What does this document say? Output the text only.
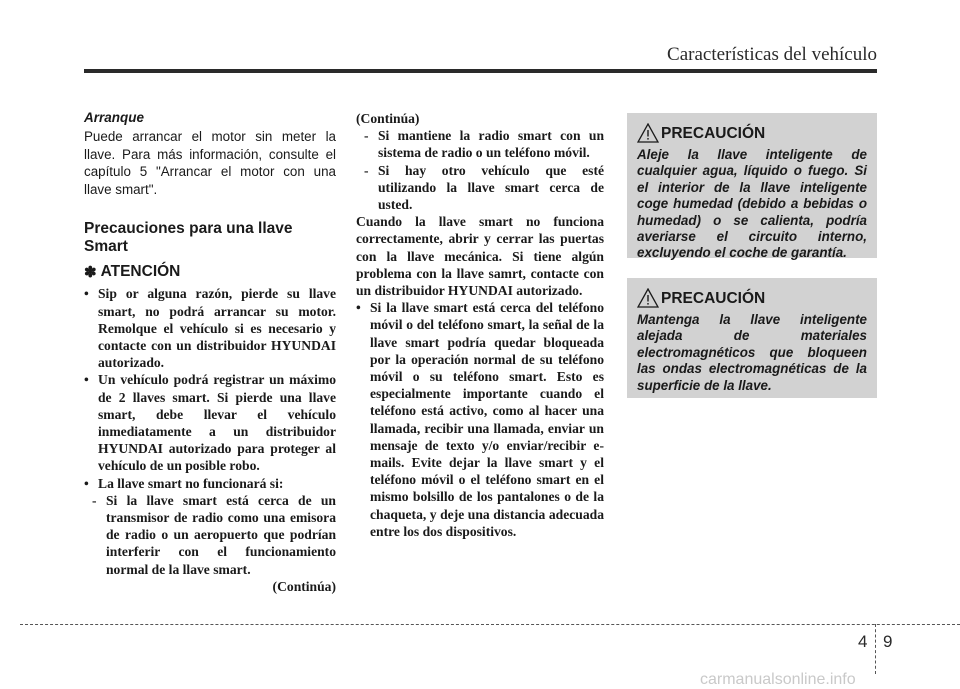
Características del vehículo
Arranque

Puede arrancar el motor sin meter la llave. Para más información, consulte el capítulo 5 "Arrancar el motor con una llave smart".

Precauciones para una llave Smart
✽ ATENCIÓN
• Sip or alguna razón, pierde su llave smart, no podrá arrancar su motor. Remolque el vehículo si es necesario y contacte con un distribuidor HYUNDAI autorizado.
• Un vehículo podrá registrar un máximo de 2 llaves smart. Si pierde una llave smart, debe llevar el vehículo inmediatamente a un distribuidor HYUNDAI autorizado para proteger al vehículo de un posible robo.
• La llave smart no funcionará si:
- Si la llave smart está cerca de un transmisor de radio como una emisora de radio o un aeropuerto que podrían interferir con el funcionamiento normal de la llave smart.

(Continúa)

(Continúa)

- Si mantiene la radio smart con un sistema de radio o un teléfono móvil.
- Si hay otro vehículo que esté utilizando la llave smart cerca de usted.

Cuando la llave smart no funciona correctamente, abrir y cerrar las puertas con la llave mecánica. Si tiene algún problema con la llave samrt, contacte con un distribuidor HYUNDAI autorizado.

• Si la llave smart está cerca del teléfono móvil o del teléfono smart, la señal de la llave smart podría quedar bloqueada por la operación normal de su teléfono móvil o su teléfono smart. Esto es especialmente importante cuando el teléfono está activo, como al hacer una llamada, recibir una llamada, enviar un mensaje de texto y/o enviar/recibir e-mails. Evite dejar la llave smart y el teléfono móvil o el teléfono smart en el mismo bolsillo de los pantalones o de la chaqueta, y deje una distancia adecuada entre los dos dispositivos.
PRECAUCIÓN

Aleje la llave inteligente de cualquier agua, líquido o fuego. Si el interior de la llave inteligente coge humedad (debido a bebidas o humedad) o se calienta, podría averiarse el circuito interno, excluyendo el coche de garantía.

PRECAUCIÓN

Mantenga la llave inteligente alejada de materiales electromagnéticos que bloqueen las ondas electromagnéticas de la superficie de la llave.

4 9
carmanualsonline.info
